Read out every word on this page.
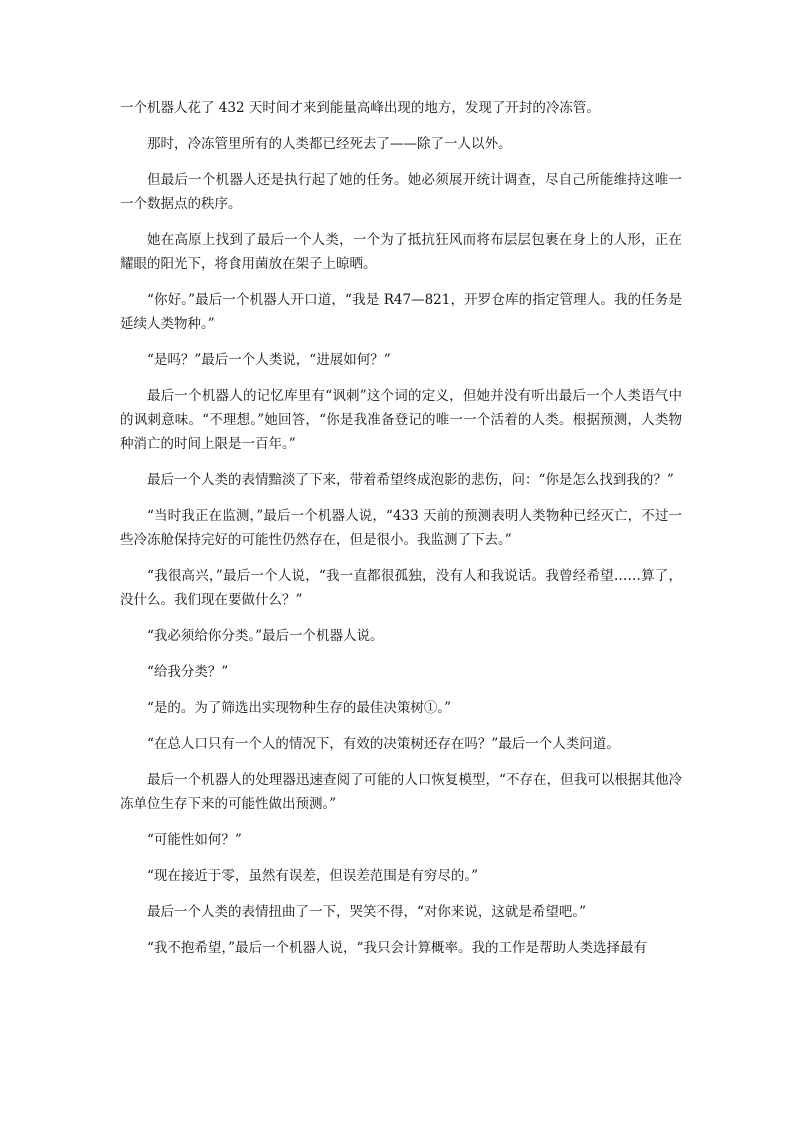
一个机器人花了 432 天时间才来到能量高峰出现的地方，发现了开封的冷冻管。

那时，冷冻管里所有的人类都已经死去了——除了一人以外。

但最后一个机器人还是执行起了她的任务。她必须展开统计调查，尽自己所能维持这唯一一个数据点的秩序。

她在高原上找到了最后一个人类，一个为了抵抗狂风而将布层层包裹在身上的人形，正在耀眼的阳光下，将食用菌放在架子上晾晒。

“你好。”最后一个机器人开口道，“我是 R47—821，开罗仓库的指定管理人。我的任务是延续人类物种。”

“是吗？”最后一个人类说，“进展如何？”

最后一个机器人的记忆库里有“讽刺”这个词的定义，但她并没有听出最后一个人类语气中的讽刺意味。“不理想。”她回答，“你是我准备登记的唯一一个活着的人类。根据预测，人类物种消亡的时间上限是一百年。”

最后一个人类的表情黯淡了下来，带着希望终成泡影的悲伤，问：“你是怎么找到我的？”

“当时我正在监测，”最后一个机器人说，“433 天前的预测表明人类物种已经灭亡，不过一些冷冻舱保持完好的可能性仍然存在，但是很小。我监测了下去。”

“我很高兴，”最后一个人说，“我一直都很孤独，没有人和我说话。我曾经希望……算了，没什么。我们现在要做什么？”

“我必须给你分类。”最后一个机器人说。

“给我分类？”

“是的。为了筛选出实现物种生存的最佳决策树①。”

“在总人口只有一个人的情况下，有效的决策树还存在吗？”最后一个人类问道。

最后一个机器人的处理器迅速查阅了可能的人口恢复模型，“不存在，但我可以根据其他冷冻单位生存下来的可能性做出预测。”

“可能性如何？”

“现在接近于零，虽然有误差，但误差范围是有穷尽的。”

最后一个人类的表情扭曲了一下，哭笑不得，“对你来说，这就是希望吧。”

“我不抱希望，”最后一个机器人说，“我只会计算概率。我的工作是帮助人类选择最有
